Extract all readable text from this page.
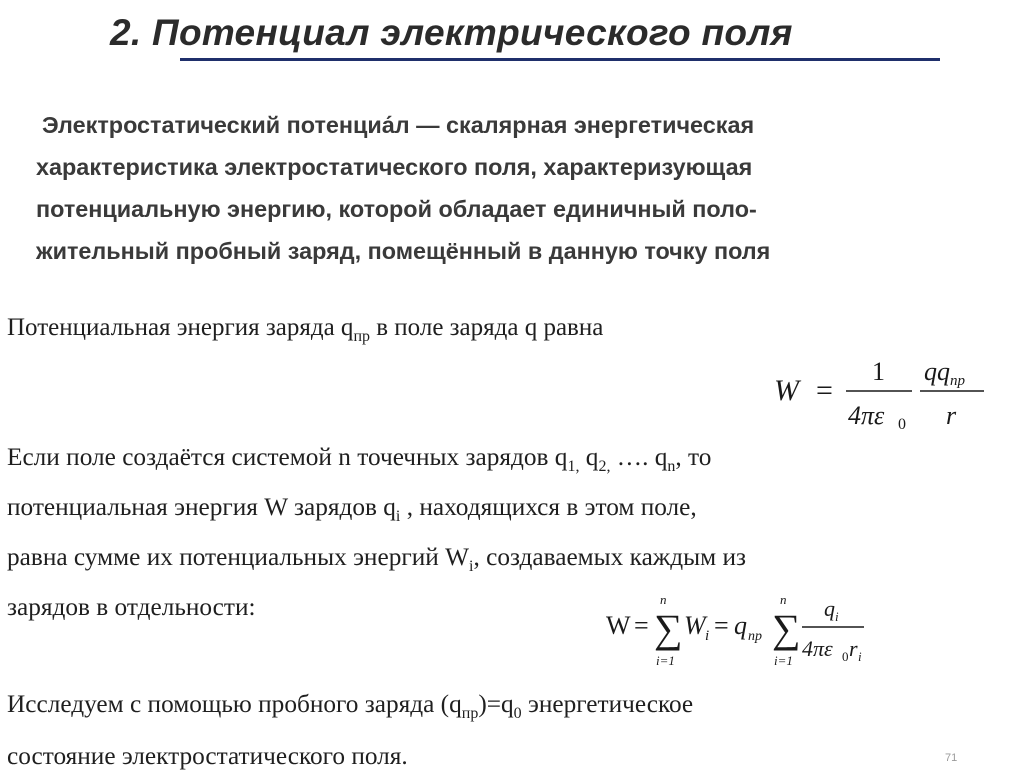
2. Потенциал электрического поля
Электростатический потенциа́л — скалярная энергетическая
характеристика электростатического поля, характеризующая
потенциальную энергию, которой обладает единичный поло-
жительный пробный заряд, помещённый в данную точку поля
Потенциальная энергия заряда $q_{пр}$ в поле заряда q равна
W =
1
4πε 0
qq пр
r
Если поле создаётся системой n точечных зарядов $q_{1,}$ $q_{2,}$ …. $q_n$, то
потенциальная энергия W зарядов $q_i$ , находящихся в этом поле,
равна сумме их потенциальных энергий $W_i$, создаваемых каждым из
зарядов в отдельности:
W =
n
∑
i=1
W i = q пр
n
∑
i=1
q i
4πε 0 r i
Исследуем с помощью пробного заряда $(q_{пр})=q_0$ энергетическое
состояние электростатического поля.	71
